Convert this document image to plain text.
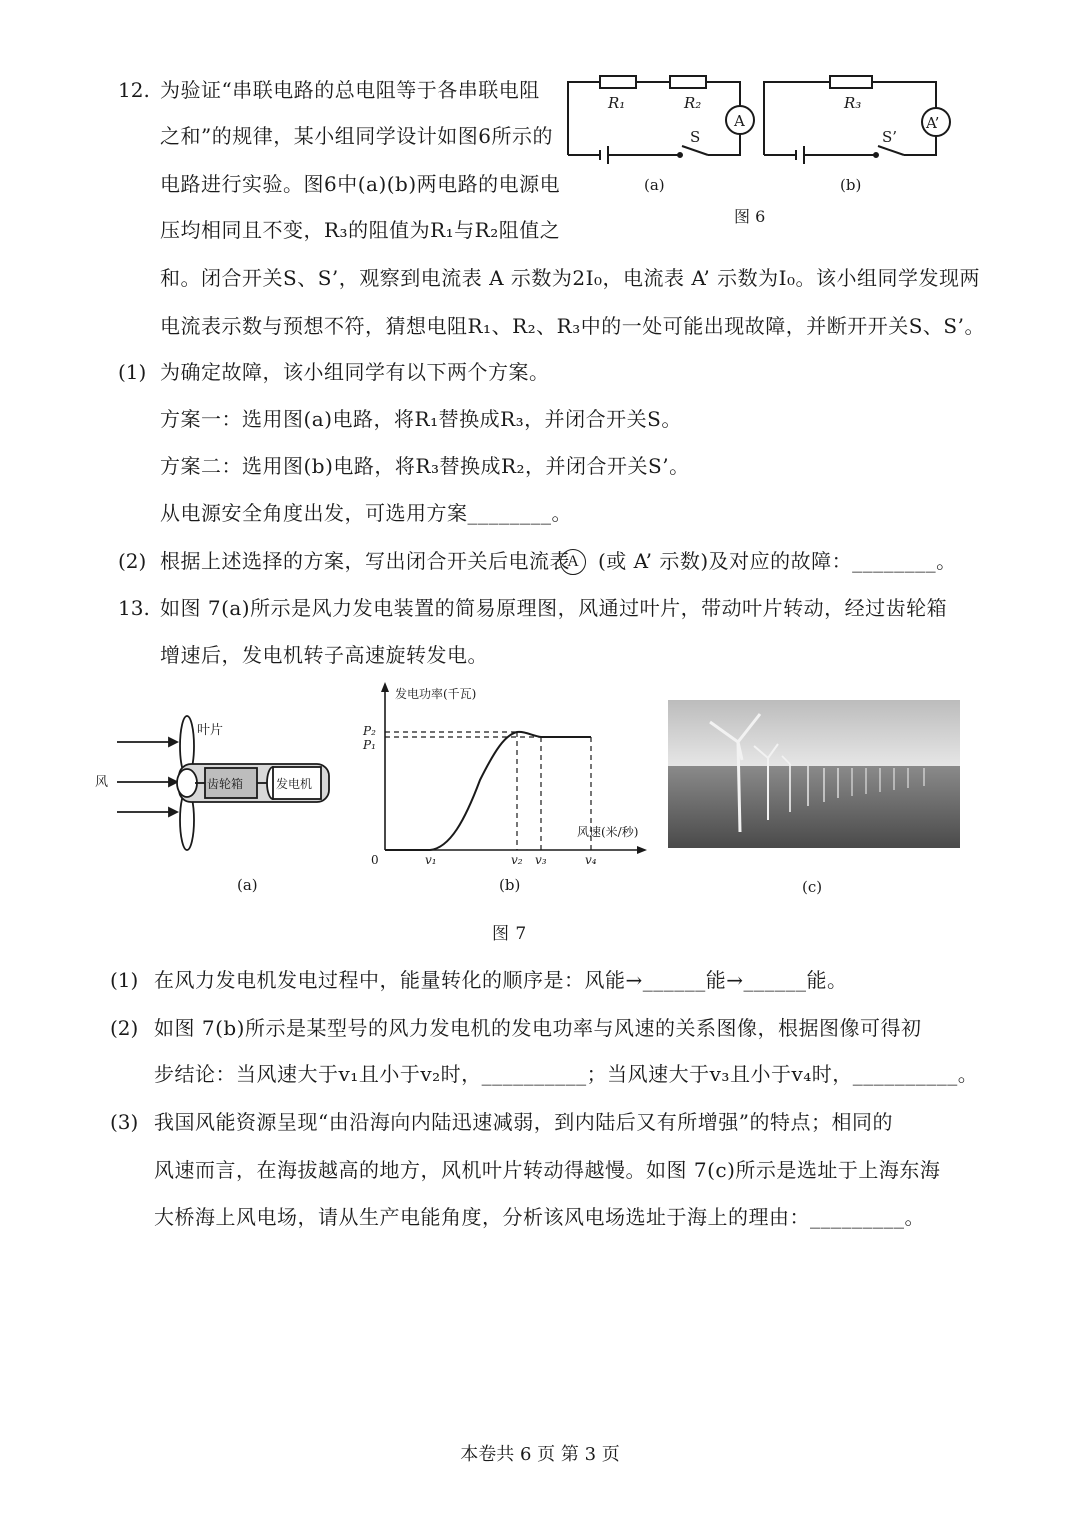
12. 为验证“串联电路的总电阻等于各串联电阻
之和”的规律，某小组同学设计如图6所示的
电路进行实验。图6中(a)(b)两电路的电源电
压均相同且不变，R₃的阻值为R₁与R₂阻值之
和。闭合开关S、S’，观察到电流表 A 示数为2I₀，电流表 A’ 示数为I₀。该小组同学发现两
电流表示数与预想不符，猜想电阻R₁、R₂、R₃中的一处可能出现故障，并断开开关S、S’。
R₁	R₂	R₃
S	S’
A	A’
(a)	(b)
图 6
(1) 为确定故障，该小组同学有以下两个方案。
方案一：选用图(a)电路，将R₁替换成R₃，并闭合开关S。
方案二：选用图(b)电路，将R₃替换成R₂，并闭合开关S’。
从电源安全角度出发，可选用方案________。
(2) 根据上述选择的方案，写出闭合开关后电流表
A (或 A’ 示数)及对应的故障：________。
13. 如图 7(a)所示是风力发电装置的简易原理图，风通过叶片，带动叶片转动，经过齿轮箱
增速后，发电机转子高速旋转发电。
叶片
风	齿轮箱	发电机
(a)
发电功率(千瓦)
风速(米/秒)
0
P₂
P₁
v₁	v₂ v₃	v₄
(b)	(c)
图 7
(1) 在风力发电机发电过程中，能量转化的顺序是：风能→______能→______能。
(2) 如图 7(b)所示是某型号的风力发电机的发电功率与风速的关系图像，根据图像可得初
步结论：当风速大于v₁且小于v₂时，__________；当风速大于v₃且小于v₄时，__________。
(3) 我国风能资源呈现“由沿海向内陆迅速减弱，到内陆后又有所增强”的特点；相同的
风速而言，在海拔越高的地方，风机叶片转动得越慢。如图 7(c)所示是选址于上海东海
大桥海上风电场，请从生产电能角度，分析该风电场选址于海上的理由：_________。
本卷共 6 页 第 3 页
